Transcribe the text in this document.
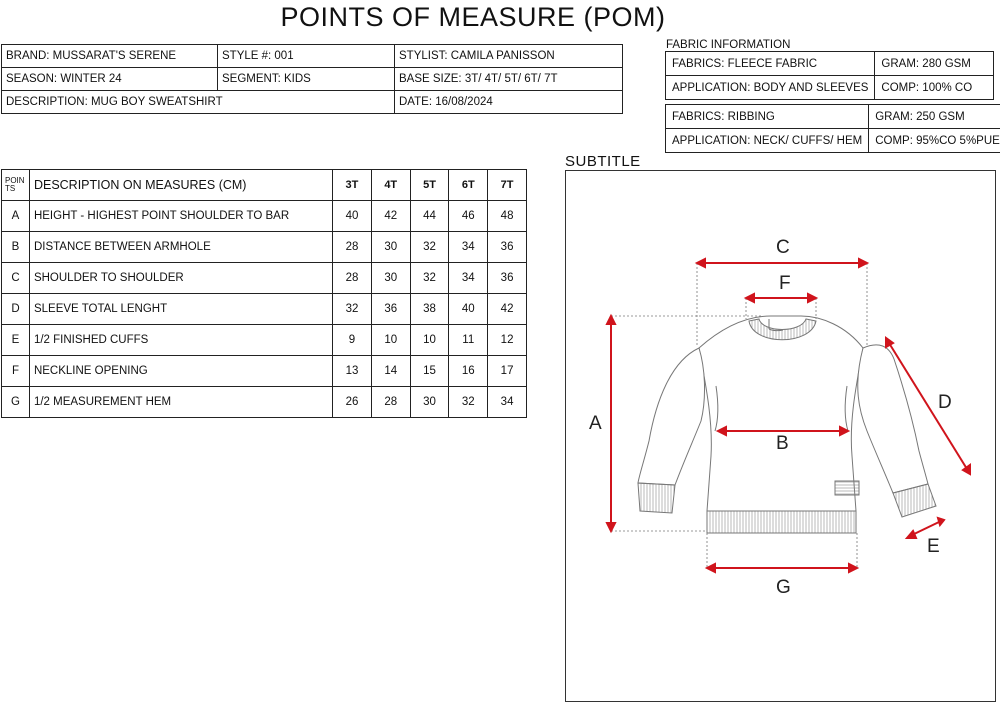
POINTS OF MEASURE (POM)
BRAND: MUSSARAT'S SERENE	STYLE #: 001	STYLIST: CAMILA PANISSON
SEASON: WINTER 24	SEGMENT: KIDS	BASE SIZE: 3T/ 4T/ 5T/ 6T/ 7T
DESCRIPTION: MUG BOY SWEATSHIRT		DATE: 16/08/2024
FABRIC INFORMATION
FABRICS: FLEECE FABRIC	GRAM: 280 GSM
APPLICATION: BODY AND SLEEVES	COMP: 100% CO
FABRICS: RIBBING	GRAM: 250 GSM
APPLICATION: NECK/ CUFFS/ HEM	COMP: 95%CO 5%PUE
POIN TS	DESCRIPTION ON MEASURES (CM)	3T	4T	5T	6T	7T
A	HEIGHT - HIGHEST POINT SHOULDER TO BAR	40	42	44	46	48
B	DISTANCE BETWEEN ARMHOLE	28	30	32	34	36
C	SHOULDER TO SHOULDER	28	30	32	34	36
D	SLEEVE TOTAL LENGHT	32	36	38	40	42
E	1/2 FINISHED CUFFS	9	10	10	11	12
F	NECKLINE OPENING	13	14	15	16	17
G	1/2 MEASUREMENT HEM	26	28	30	32	34
SUBTITLE
A
B
C
D
E
F
G
